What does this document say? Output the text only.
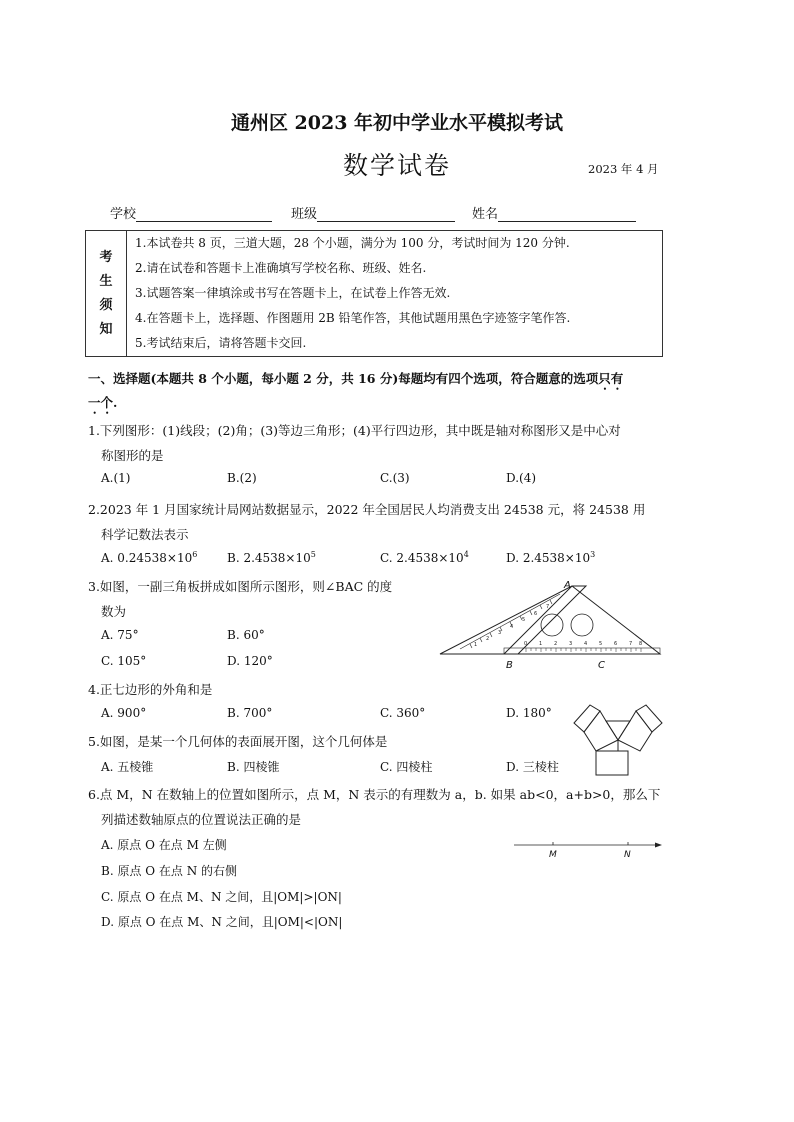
通州区 2023 年初中学业水平模拟考试
数学试卷	2023 年 4 月
学校	班级	姓名
考
生
须
知

1.本试卷共 8 页，三道大题，28 个小题，满分为 100 分，考试时间为 120 分钟.
2.请在试卷和答题卡上准确填写学校名称、班级、姓名.
3.试题答案一律填涂或书写在答题卡上，在试卷上作答无效.
4.在答题卡上，选择题、作图题用 2B 铅笔作答，其他试题用黑色字迹签字笔作答.
5.考试结束后，请将答题卡交回.
一、选择题(本题共 8 个小题，每小题 2 分，共 16 分)每题均有四个选项，符合题意的选项只有
一个.
1.下列图形：(1)线段；(2)角；(3)等边三角形；(4)平行四边形，其中既是轴对称图形又是中心对
称图形的是
A.(1)	B.(2)	C.(3)	D.(4)
2.2023 年 1 月国家统计局网站数据显示，2022 年全国居民人均消费支出 24538 元，将 24538 用
科学记数法表示
A. $0.24538\times 10^6$ B. $2.4538\times 10^5$	C. $2.4538\times 10^4$	D. $2.4538\times 10^3$
3.如图，一副三角板拼成如图所示图形，则∠BAC 的度
数为
A. 75°	B. 60°
C. 105°	D. 120°
1
2
3
4
5
6
7
0 1 2 3 4 5 6 7 8
A
B	C
4.正七边形的外角和是
A. 900°	B. 700°	C. 360°	D. 180°
5.如图，是某一个几何体的表面展开图，这个几何体是
A. 五棱锥	B. 四棱锥	C. 四棱柱	D. 三棱柱
6.点 M，N 在数轴上的位置如图所示，点 M，N 表示的有理数为 a，b. 如果 ab<0，a+b>0，那么下
列描述数轴原点的位置说法正确的是
A. 原点 O 在点 M 左侧
B. 原点 O 在点 N 的右侧
C. 原点 O 在点 M、N 之间，且|OM|>|ON|
D. 原点 O 在点 M、N 之间，且|OM|<|ON|
M	N
